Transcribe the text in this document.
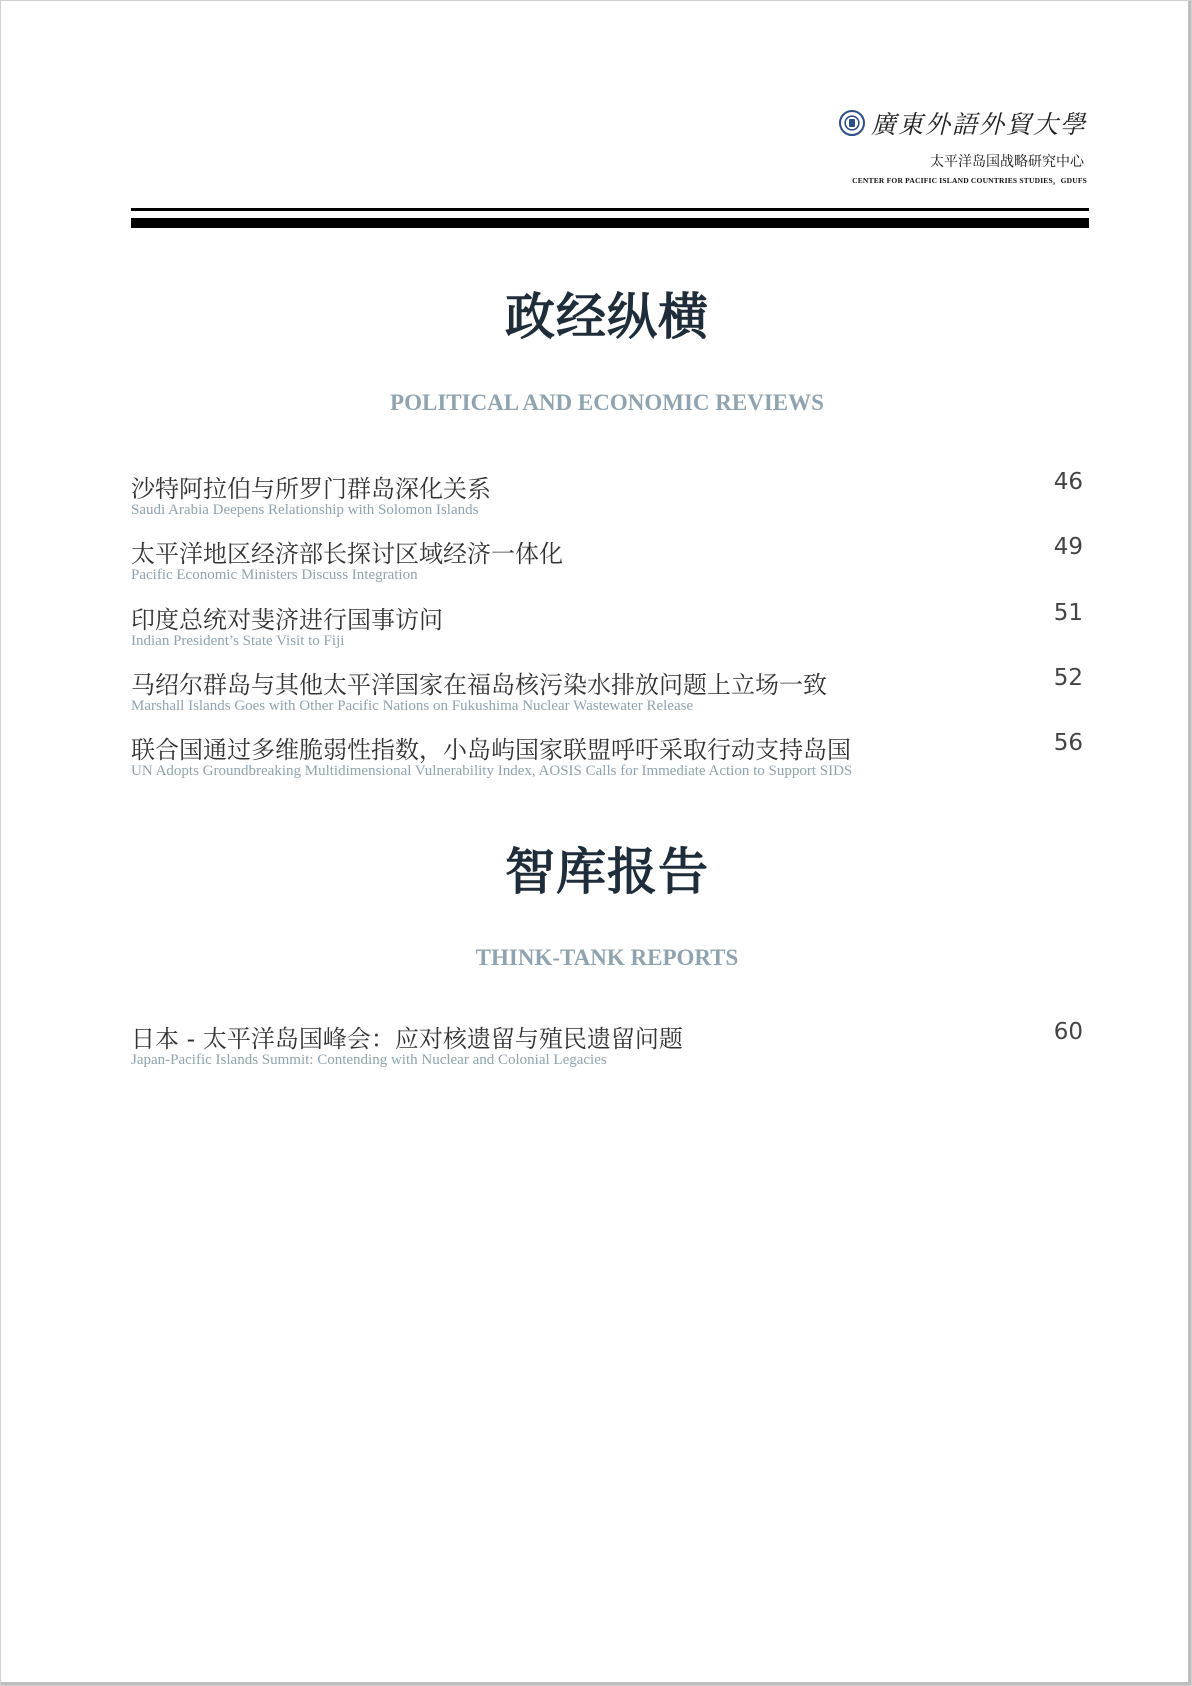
廣東外語外貿大學
太平洋岛国战略研究中心
CENTER FOR PACIFIC ISLAND COUNTRIES STUDIES，GDUFS
政经纵横
POLITICAL AND ECONOMIC REVIEWS
沙特阿拉伯与所罗门群岛深化关系
Saudi Arabia Deepens Relationship with Solomon Islands
46
太平洋地区经济部长探讨区域经济一体化
Pacific Economic Ministers Discuss Integration
49
印度总统对斐济进行国事访问
Indian President’s State Visit to Fiji
51
马绍尔群岛与其他太平洋国家在福岛核污染水排放问题上立场一致
Marshall Islands Goes with Other Pacific Nations on Fukushima Nuclear Wastewater Release
52
联合国通过多维脆弱性指数，小岛屿国家联盟呼吁采取行动支持岛国
UN Adopts Groundbreaking Multidimensional Vulnerability Index, AOSIS Calls for Immediate Action to Support SIDS
56
智库报告
THINK-TANK REPORTS
日本 - 太平洋岛国峰会：应对核遗留与殖民遗留问题
Japan-Pacific Islands Summit: Contending with Nuclear and Colonial Legacies
60
